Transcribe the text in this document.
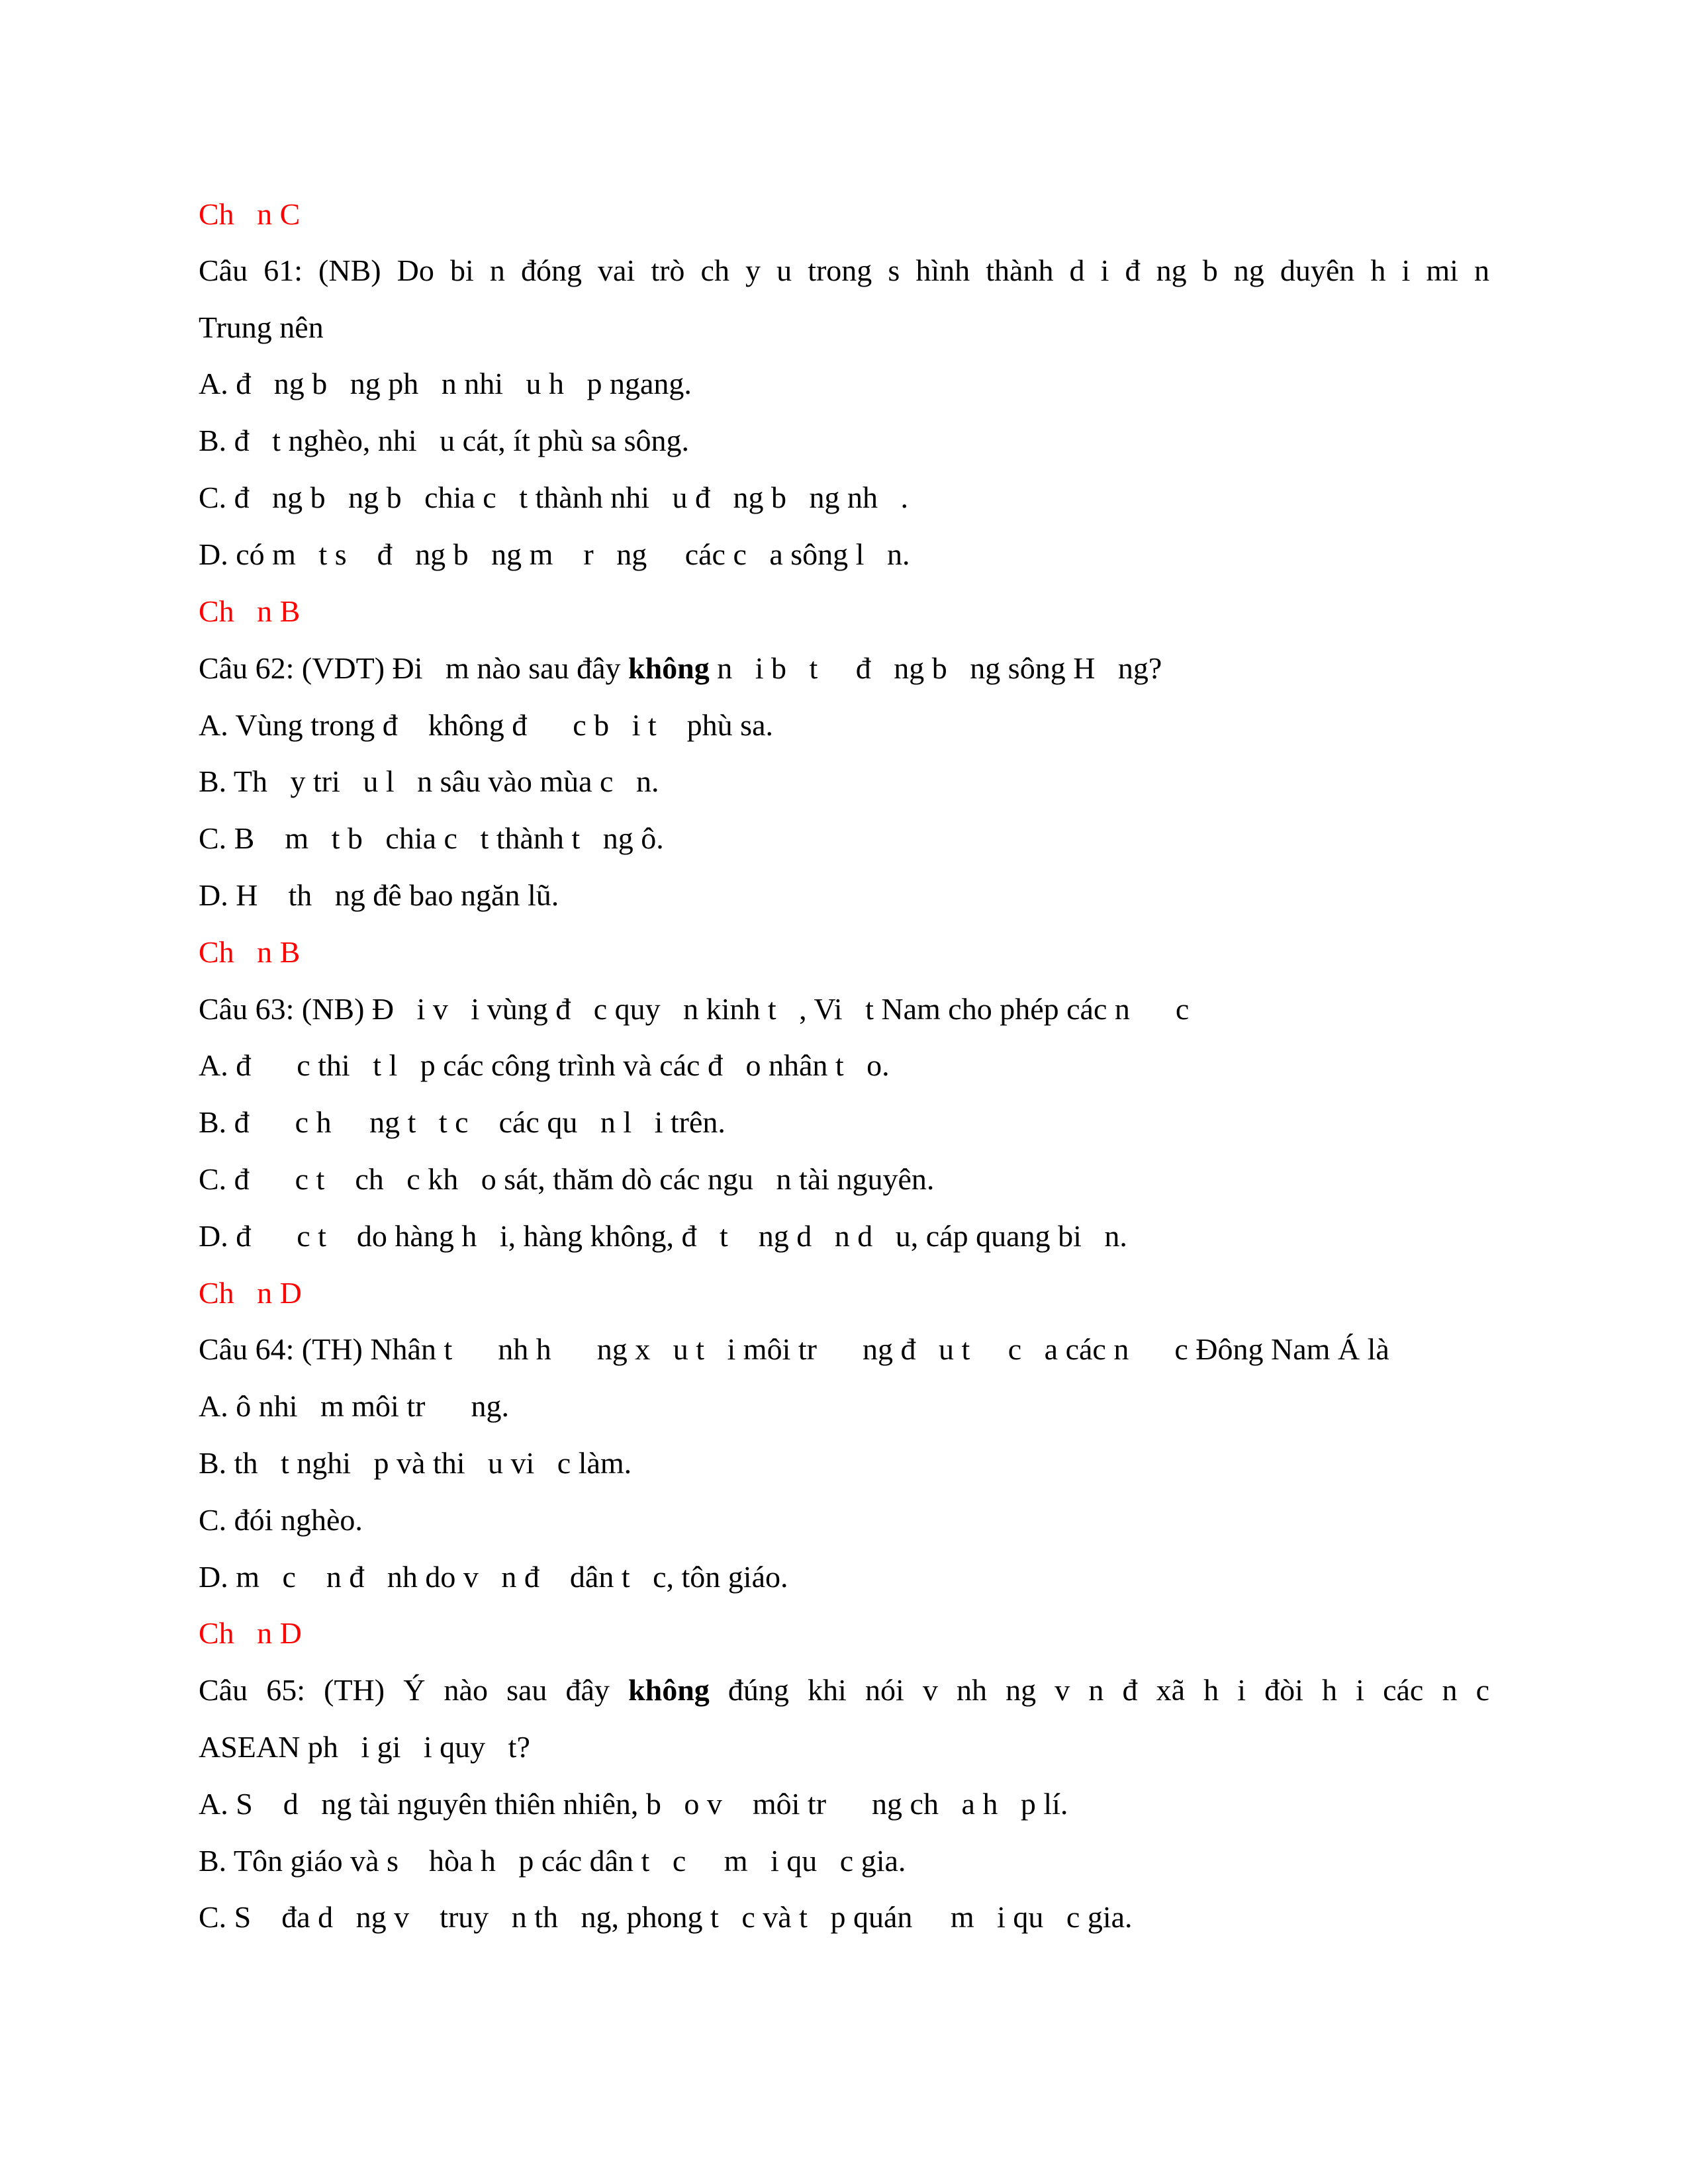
Ch   n C
Câu 61: (NB) Do bi n đóng vai trò ch y u trong s hình thành d i đ ng b ng duyên h i mi n
Trung nên
A. đ   ng b   ng ph   n nhi   u h   p ngang.
B. đ   t nghèo, nhi   u cát, ít phù sa sông.
C. đ   ng b   ng b   chia c   t thành nhi   u đ   ng b   ng nh   .
D. có m   t s    đ   ng b   ng m    r   ng     các c   a sông l   n.
Ch   n B
Câu 62: (VDT) Đi   m nào sau đây không n   i b   t     đ   ng b   ng sông H   ng?
A. Vùng trong đ    không đ      c b   i t    phù sa.
B. Th   y tri   u l   n sâu vào mùa c   n.
C. B    m   t b   chia c   t thành t   ng ô.
D. H    th   ng đê bao ngăn lũ.
Ch   n B
Câu 63: (NB) Đ   i v   i vùng đ   c quy   n kinh t   , Vi   t Nam cho phép các n      c
A. đ      c thi   t l   p các công trình và các đ   o nhân t   o.
B. đ      c h     ng t   t c    các qu   n l   i trên.
C. đ      c t    ch   c kh   o sát, thăm dò các ngu   n tài nguyên.
D. đ      c t    do hàng h   i, hàng không, đ   t    ng d   n d   u, cáp quang bi   n.
Ch   n D
Câu 64: (TH) Nhân t      nh h      ng x   u t   i môi tr      ng đ   u t     c   a các n      c Đông Nam Á là
A. ô nhi   m môi tr      ng.
B. th   t nghi   p và thi   u vi   c làm.
C. đói nghèo.
D. m   c    n đ   nh do v   n đ    dân t   c, tôn giáo.
Ch   n D
Câu 65: (TH) Ý nào sau đây không đúng khi nói v nh ng v n đ xã h i đòi h i các n c
ASEAN ph   i gi   i quy   t?
A. S    d   ng tài nguyên thiên nhiên, b   o v    môi tr      ng ch   a h   p lí.
B. Tôn giáo và s    hòa h   p các dân t   c     m   i qu   c gia.
C. S    đa d   ng v    truy   n th   ng, phong t   c và t   p quán     m   i qu   c gia.
